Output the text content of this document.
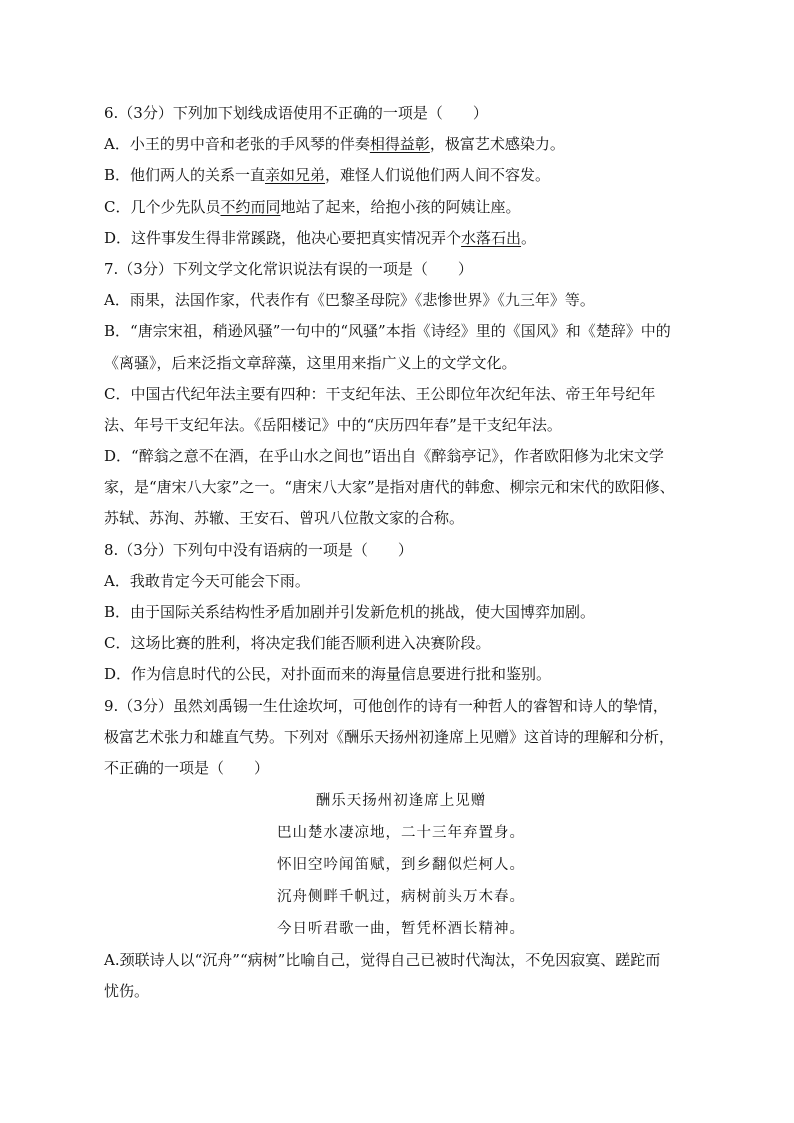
6.（3分）下列加下划线成语使用不正确的一项是（　　）
A．小王的男中音和老张的手风琴的伴奏相得益彰，极富艺术感染力。
B．他们两人的关系一直亲如兄弟，难怪人们说他们两人间不容发。
C．几个少先队员不约而同地站了起来，给抱小孩的阿姨让座。
D．这件事发生得非常蹊跷，他决心要把真实情况弄个水落石出。
7.（3分）下列文学文化常识说法有误的一项是（　　）
A．雨果，法国作家，代表作有《巴黎圣母院》《悲惨世界》《九三年》等。
B．“唐宗宋祖，稍逊风骚”一句中的“风骚”本指《诗经》里的《国风》和《楚辞》中的
《离骚》，后来泛指文章辞藻，这里用来指广义上的文学文化。
C．中国古代纪年法主要有四种：干支纪年法、王公即位年次纪年法、帝王年号纪年
法、年号干支纪年法。《岳阳楼记》中的“庆历四年春”是干支纪年法。
D．“醉翁之意不在酒，在乎山水之间也”语出自《醉翁亭记》，作者欧阳修为北宋文学
家，是“唐宋八大家”之一。“唐宋八大家”是指对唐代的韩愈、柳宗元和宋代的欧阳修、
苏轼、苏洵、苏辙、王安石、曾巩八位散文家的合称。
8.（3分）下列句中没有语病的一项是（　　）
A．我敢肯定今天可能会下雨。
B．由于国际关系结构性矛盾加剧并引发新危机的挑战，使大国博弈加剧。
C．这场比赛的胜利，将决定我们能否顺利进入决赛阶段。
D．作为信息时代的公民，对扑面而来的海量信息要进行批和鉴别。
9.（3分）虽然刘禹锡一生仕途坎坷，可他创作的诗有一种哲人的睿智和诗人的挚情，
极富艺术张力和雄直气势。下列对《酬乐天扬州初逢席上见赠》这首诗的理解和分析，
不正确的一项是（　　）
酬乐天扬州初逢席上见赠
巴山楚水凄凉地，二十三年弃置身。
怀旧空吟闻笛赋，到乡翻似烂柯人。
沉舟侧畔千帆过，病树前头万木春。
今日听君歌一曲，暂凭杯酒长精神。
A.颈联诗人以“沉舟”“病树”比喻自己，觉得自己已被时代淘汰，不免因寂寞、蹉跎而
忧伤。
